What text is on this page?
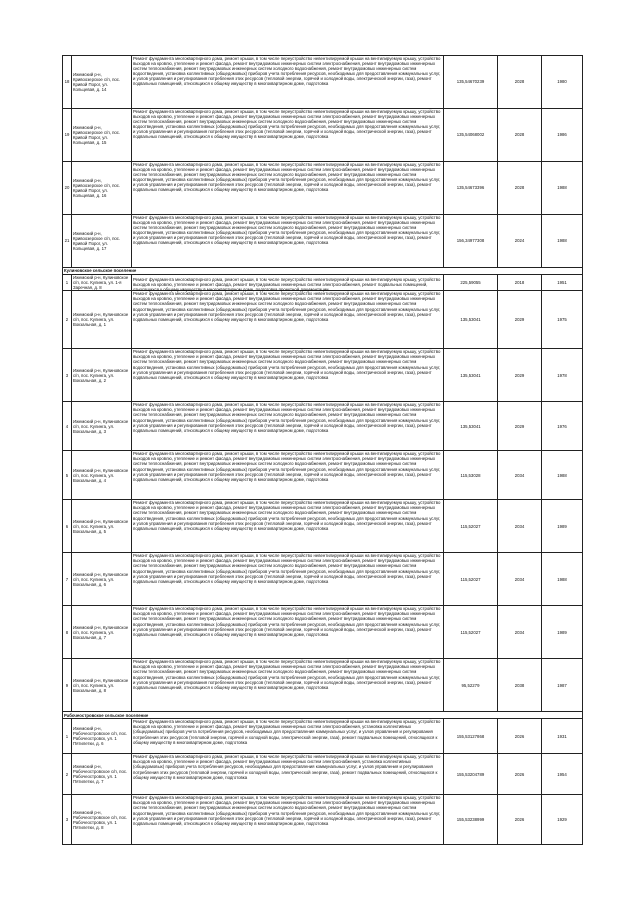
18	Ижемский р-н, Кривоозерское с/п, пос. Кривой Порог, ул. Кольцевая, д. 14	Ремонт фундамента многоквартирного дома, ремонт крыши, в том числе переустройство невентилируемой крыши на вентилируемую крышу, устройство выходов на кровлю, утепление и ремонт фасада, ремонт внутридомовых инженерных систем электроснабжения, ремонт внутридомовых инженерных систем теплоснабжения, ремонт внутридомовых инженерных систем холодного водоснабжения, ремонт внутридомовых инженерных систем водоотведения, установка коллективных (общедомовых) приборов учета потребления ресурсов, необходимых для предоставления коммунальных услуг, и узлов управления и регулирования потребления этих ресурсов (тепловой энергии, горячей и холодной воды, электрической энергии, газа), ремонт подвальных помещений, относящихся к общему имуществу в многоквартирном доме, подготовка	135,54670239	2028	1980
19	Ижемский р-н, Кривоозерское с/п, пос. Кривой Порог, ул. Кольцевая, д. 15	Ремонт фундамента многоквартирного дома, ремонт крыши, в том числе переустройство невентилируемой крыши на вентилируемую крышу, устройство выходов на кровлю, утепление и ремонт фасада, ремонт внутридомовых инженерных систем электроснабжения, ремонт внутридомовых инженерных систем теплоснабжения, ремонт внутридомовых инженерных систем холодного водоснабжения, ремонт внутридомовых инженерных систем водоотведения, установка коллективных (общедомовых) приборов учета потребления ресурсов, необходимых для предоставления коммунальных услуг, и узлов управления и регулирования потребления этих ресурсов (тепловой энергии, горячей и холодной воды, электрической энергии, газа), ремонт подвальных помещений, относящихся к общему имуществу в многоквартирном доме, подготовка	135,54068002	2028	1986
20	Ижемский р-н, Кривоозерское с/п, пос. Кривой Порог, ул. Кольцевая, д. 16	Ремонт фундамента многоквартирного дома, ремонт крыши, в том числе переустройство невентилируемой крыши на вентилируемую крышу, устройство выходов на кровлю, утепление и ремонт фасада, ремонт внутридомовых инженерных систем электроснабжения, ремонт внутридомовых инженерных систем теплоснабжения, ремонт внутридомовых инженерных систем холодного водоснабжения, ремонт внутридомовых инженерных систем водоотведения, установка коллективных (общедомовых) приборов учета потребления ресурсов, необходимых для предоставления коммунальных услуг, и узлов управления и регулирования потребления этих ресурсов (тепловой энергии, горячей и холодной воды, электрической энергии, газа), ремонт подвальных помещений, относящихся к общему имуществу в многоквартирном доме, подготовка	135,54673396	2028	1988
21	Ижемский р-н, Кривоозерское с/п, пос. Кривой Порог, ул. Кольцевая, д. 17	Ремонт фундамента многоквартирного дома, ремонт крыши, в том числе переустройство невентилируемой крыши на вентилируемую крышу, устройство выходов на кровлю, утепление и ремонт фасада, ремонт внутридомовых инженерных систем электроснабжения, ремонт внутридомовых инженерных систем теплоснабжения, ремонт внутридомовых инженерных систем холодного водоснабжения, ремонт внутридомовых инженерных систем водоотведения, установка коллективных (общедомовых) приборов учета потребления ресурсов, необходимых для предоставления коммунальных услуг, и узлов управления и регулирования потребления этих ресурсов (тепловой энергии, горячей и холодной воды, электрической энергии, газа), ремонт подвальных помещений, относящихся к общему имуществу в многоквартирном доме, подготовка	156,34977308	2024	1988
Кулиновское сельское поселение					
1	Ижемский р-н, Кулиновское с/п, пос. Кулинга, ул. 1-я Заречная, д. 8	Ремонт фундамента многоквартирного дома, ремонт крыши, в том числе переустройство невентилируемой крыши на вентилируемую крышу, устройство выходов на кровлю, утепление и ремонт фасада, ремонт внутридомовых инженерных систем электроснабжения, ремонт подвальных помещений, относящихся к общему имуществу в многоквартирном доме, подготовка проектной документации	225,59055	2018	1951
2	Ижемский р-н, Кулиновское с/п, пос. Кулинга, ул. Вокзальная, д. 1	Ремонт фундамента многоквартирного дома, ремонт крыши, в том числе переустройство невентилируемой крыши на вентилируемую крышу, устройство выходов на кровлю, утепление и ремонт фасада, ремонт внутридомовых инженерных систем электроснабжения, ремонт внутридомовых инженерных систем теплоснабжения, ремонт внутридомовых инженерных систем холодного водоснабжения, ремонт внутридомовых инженерных систем водоотведения, установка коллективных (общедомовых) приборов учета потребления ресурсов, необходимых для предоставления коммунальных услуг, и узлов управления и регулирования потребления этих ресурсов (тепловой энергии, горячей и холодной воды, электрической энергии, газа), ремонт подвальных помещений, относящихся к общему имуществу в многоквартирном доме, подготовка	135,53041	2029	1975
3	Ижемский р-н, Кулиновское с/п, пос. Кулинга, ул. Вокзальная, д. 2	Ремонт фундамента многоквартирного дома, ремонт крыши, в том числе переустройство невентилируемой крыши на вентилируемую крышу, устройство выходов на кровлю, утепление и ремонт фасада, ремонт внутридомовых инженерных систем электроснабжения, ремонт внутридомовых инженерных систем теплоснабжения, ремонт внутридомовых инженерных систем холодного водоснабжения, ремонт внутридомовых инженерных систем водоотведения, установка коллективных (общедомовых) приборов учета потребления ресурсов, необходимых для предоставления коммунальных услуг, и узлов управления и регулирования потребления этих ресурсов (тепловой энергии, горячей и холодной воды, электрической энергии, газа), ремонт подвальных помещений, относящихся к общему имуществу в многоквартирном доме, подготовка	135,53041	2029	1978
4	Ижемский р-н, Кулиновское с/п, пос. Кулинга, ул. Вокзальная, д. 3	Ремонт фундамента многоквартирного дома, ремонт крыши, в том числе переустройство невентилируемой крыши на вентилируемую крышу, устройство выходов на кровлю, утепление и ремонт фасада, ремонт внутридомовых инженерных систем электроснабжения, ремонт внутридомовых инженерных систем теплоснабжения, ремонт внутридомовых инженерных систем холодного водоснабжения, ремонт внутридомовых инженерных систем водоотведения, установка коллективных (общедомовых) приборов учета потребления ресурсов, необходимых для предоставления коммунальных услуг, и узлов управления и регулирования потребления этих ресурсов (тепловой энергии, горячей и холодной воды, электрической энергии, газа), ремонт подвальных помещений, относящихся к общему имуществу в многоквартирном доме, подготовка	135,53041	2029	1976
5	Ижемский р-н, Кулиновское с/п, пос. Кулинга, ул. Вокзальная, д. 4	Ремонт фундамента многоквартирного дома, ремонт крыши, в том числе переустройство невентилируемой крыши на вентилируемую крышу, устройство выходов на кровлю, утепление и ремонт фасада, ремонт внутридомовых инженерных систем электроснабжения, ремонт внутридомовых инженерных систем теплоснабжения, ремонт внутридомовых инженерных систем холодного водоснабжения, ремонт внутридомовых инженерных систем водоотведения, установка коллективных (общедомовых) приборов учета потребления ресурсов, необходимых для предоставления коммунальных услуг, и узлов управления и регулирования потребления этих ресурсов (тепловой энергии, горячей и холодной воды, электрической энергии, газа), ремонт подвальных помещений, относящихся к общему имуществу в многоквартирном доме, подготовка	115,53028	2034	1988
6	Ижемский р-н, Кулиновское с/п, пос. Кулинга, ул. Вокзальная, д. 5	Ремонт фундамента многоквартирного дома, ремонт крыши, в том числе переустройство невентилируемой крыши на вентилируемую крышу, устройство выходов на кровлю, утепление и ремонт фасада, ремонт внутридомовых инженерных систем электроснабжения, ремонт внутридомовых инженерных систем теплоснабжения, ремонт внутридомовых инженерных систем холодного водоснабжения, ремонт внутридомовых инженерных систем водоотведения, установка коллективных (общедомовых) приборов учета потребления ресурсов, необходимых для предоставления коммунальных услуг, и узлов управления и регулирования потребления этих ресурсов (тепловой энергии, горячей и холодной воды, электрической энергии, газа), ремонт подвальных помещений, относящихся к общему имуществу в многоквартирном доме, подготовка	115,52027	2034	1989
7	Ижемский р-н, Кулиновское с/п, пос. Кулинга, ул. Вокзальная, д. 6	Ремонт фундамента многоквартирного дома, ремонт крыши, в том числе переустройство невентилируемой крыши на вентилируемую крышу, устройство выходов на кровлю, утепление и ремонт фасада, ремонт внутридомовых инженерных систем электроснабжения, ремонт внутридомовых инженерных систем теплоснабжения, ремонт внутридомовых инженерных систем холодного водоснабжения, ремонт внутридомовых инженерных систем водоотведения, установка коллективных (общедомовых) приборов учета потребления ресурсов, необходимых для предоставления коммунальных услуг, и узлов управления и регулирования потребления этих ресурсов (тепловой энергии, горячей и холодной воды, электрической энергии, газа), ремонт подвальных помещений, относящихся к общему имуществу в многоквартирном доме, подготовка	115,52027	2034	1988
8	Ижемский р-н, Кулиновское с/п, пос. Кулинга, ул. Вокзальная, д. 7	Ремонт фундамента многоквартирного дома, ремонт крыши, в том числе переустройство невентилируемой крыши на вентилируемую крышу, устройство выходов на кровлю, утепление и ремонт фасада, ремонт внутридомовых инженерных систем электроснабжения, ремонт внутридомовых инженерных систем теплоснабжения, ремонт внутридомовых инженерных систем холодного водоснабжения, ремонт внутридомовых инженерных систем водоотведения, установка коллективных (общедомовых) приборов учета потребления ресурсов, необходимых для предоставления коммунальных услуг, и узлов управления и регулирования потребления этих ресурсов (тепловой энергии, горячей и холодной воды, электрической энергии, газа), ремонт подвальных помещений, относящихся к общему имуществу в многоквартирном доме, подготовка	115,52027	2034	1989
9	Ижемский р-н, Кулиновское с/п, пос. Кулинга, ул. Вокзальная, д. 8	Ремонт фундамента многоквартирного дома, ремонт крыши, в том числе переустройство невентилируемой крыши на вентилируемую крышу, устройство выходов на кровлю, утепление и ремонт фасада, ремонт внутридомовых инженерных систем электроснабжения, ремонт внутридомовых инженерных систем теплоснабжения, ремонт внутридомовых инженерных систем холодного водоснабжения, ремонт внутридомовых инженерных систем водоотведения, установка коллективных (общедомовых) приборов учета потребления ресурсов, необходимых для предоставления коммунальных услуг, и узлов управления и регулирования потребления этих ресурсов (тепловой энергии, горячей и холодной воды, электрической энергии, газа), ремонт подвальных помещений, относящихся к общему имуществу в многоквартирном доме, подготовка	95,52279	2038	1987
Рабочеостровское сельское поселение					
1	Ижемский р-н, Рабочеостровское с/п, пос. Рабочеостровск, ул. 1 Пятилетки, д. 6	Ремонт фундамента многоквартирного дома, ремонт крыши, в том числе переустройство невентилируемой крыши на вентилируемую крышу, устройство выходов на кровлю, утепление и ремонт фасада, ремонт внутридомовых инженерных систем электроснабжения, установка коллективных (общедомовых) приборов учета потребления ресурсов, необходимых для предоставления коммунальных услуг, и узлов управления и регулирования потребления этих ресурсов (тепловой энергии, горячей и холодной воды, электрической энергии, газа), ремонт подвальных помещений, относящихся к общему имуществу в многоквартирном доме, подготовка	155,53127868	2026	1931
2	Ижемский р-н, Рабочеостровское с/п, пос. Рабочеостровск, ул. 1 Пятилетки, д. 7	Ремонт фундамента многоквартирного дома, ремонт крыши, в том числе переустройство невентилируемой крыши на вентилируемую крышу, устройство выходов на кровлю, утепление и ремонт фасада, ремонт внутридомовых инженерных систем электроснабжения, установка коллективных (общедомовых) приборов учета потребления ресурсов, необходимых для предоставления коммунальных услуг, и узлов управления и регулирования потребления этих ресурсов (тепловой энергии, горячей и холодной воды, электрической энергии, газа), ремонт подвальных помещений, относящихся к общему имуществу в многоквартирном доме, подготовка	155,53204789	2026	1954
3	Ижемский р-н, Рабочеостровское с/п, пос. Рабочеостровск, ул. 1 Пятилетки, д. 8	Ремонт фундамента многоквартирного дома, ремонт крыши, в том числе переустройство невентилируемой крыши на вентилируемую крышу, устройство выходов на кровлю, утепление и ремонт фасада, ремонт внутридомовых инженерных систем электроснабжения, ремонт внутридомовых инженерных систем теплоснабжения, ремонт внутридомовых инженерных систем холодного водоснабжения, ремонт внутридомовых инженерных систем водоотведения, установка коллективных (общедомовых) приборов учета потребления ресурсов, необходимых для предоставления коммунальных услуг, и узлов управления и регулирования потребления этих ресурсов (тепловой энергии, горячей и холодной воды, электрической энергии, газа), ремонт подвальных помещений, относящихся к общему имуществу в многоквартирном доме, подготовка	155,53238999	2026	1929
